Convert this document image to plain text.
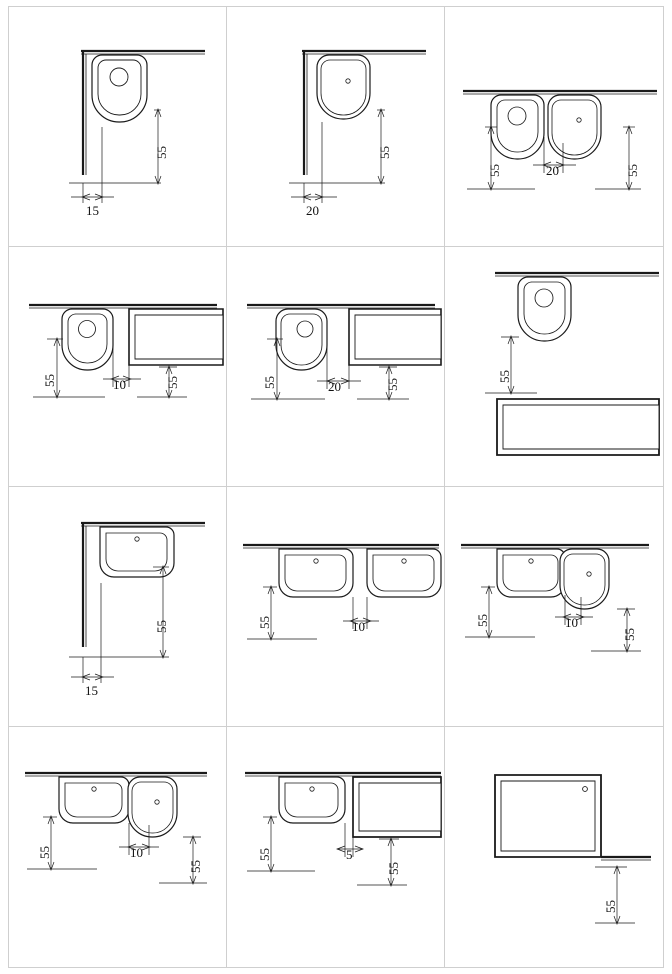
55
15
55
20
55	20	55
55	10	55	55	20	55
55
55
15
55	10	55	10
55
55	10
55
55	5
55
55
